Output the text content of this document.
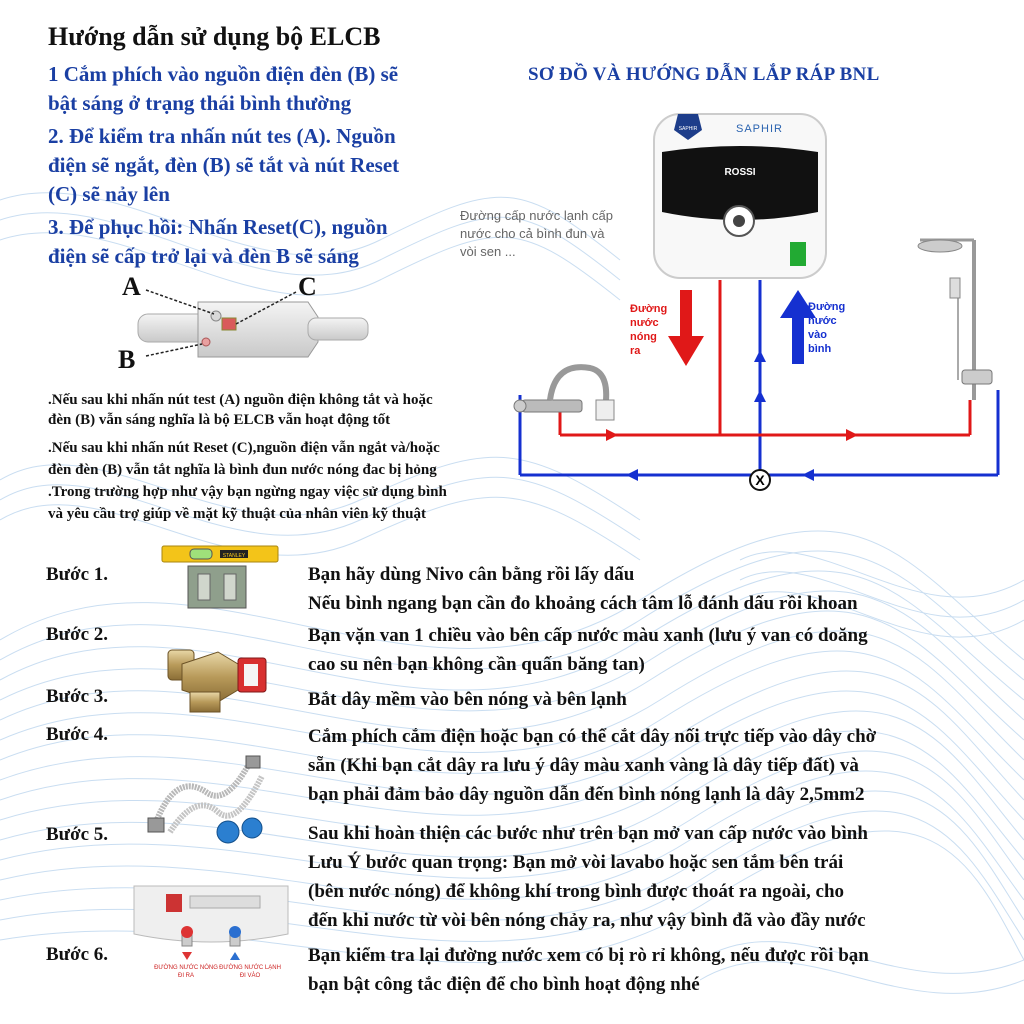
Hướng dẫn sử dụng bộ ELCB
1 Cắm phích vào nguồn điện đèn (B) sẽ
bật sáng ở trạng thái bình thường
2. Để kiểm tra nhấn nút tes (A). Nguồn
điện sẽ ngắt, đèn (B) sẽ tắt và nút Reset
(C) sẽ nảy lên
3. Để phục hồi: Nhấn Reset(C), nguồn
điện sẽ cấp trở lại và đèn B sẽ sáng
A	C
B
.Nếu sau khi nhấn nút test (A) nguồn điện không tắt và hoặc
đèn (B) vẫn sáng nghĩa là bộ ELCB vẫn hoạt động tốt
.Nếu sau khi nhấn nút Reset (C),nguồn điện vẫn ngắt và/hoặc
đèn đèn (B) vẫn tắt nghĩa là bình đun nước nóng đac bị hỏng
.Trong trường hợp như vậy bạn ngừng ngay việc sử dụng bình
và yêu cầu trợ giúp về mặt kỹ thuật của nhân viên kỹ thuật
SƠ ĐỒ VÀ HƯỚNG DẪN LẮP RÁP BNL
SAPHIR	SAPHIR
ROSSI
Đường cấp nước lạnh cấp
nước cho cả bình đun và
vòi sen ...
Đường
nước
nóng
ra
Đường
nước
vào
bình
X
Bước 1.	Bạn hãy dùng Nivo cân bằng rồi lấy dấu
Nếu bình ngang bạn cần đo khoảng cách tâm lỗ đánh dấu rồi khoan
Bước 2.	Bạn vặn van 1 chiều vào bên cấp nước màu xanh (lưu ý van có doăng
cao su nên bạn không cần quấn băng tan)
Bước 3.	Bắt dây mềm vào bên nóng và bên lạnh
Bước 4.	Cắm phích cắm điện hoặc bạn có thể cắt dây nối trực tiếp vào dây chờ
sẵn (Khi bạn cắt dây ra lưu ý dây màu xanh vàng là dây tiếp đất) và
bạn phải đảm bảo dây nguồn dẫn đến bình nóng lạnh là dây 2,5mm2
Bước 5.	Sau khi hoàn thiện các bước như trên bạn mở van cấp nước vào bình
Lưu Ý bước quan trọng: Bạn mở vòi lavabo hoặc sen tắm bên trái
(bên nước nóng) để không khí trong bình được thoát ra ngoài, cho
đến khi nước từ vòi bên nóng chảy ra, như vậy bình đã vào đầy nước
Bước 6.	Bạn kiểm tra lại đường nước xem có bị rò rỉ không, nếu được rồi bạn
bạn bật công tắc điện để cho bình hoạt động nhé
STANLEY
ĐƯỜNG NƯỚC NÓNG
ĐI RA
ĐƯỜNG NƯỚC LẠNH
ĐI VÀO
